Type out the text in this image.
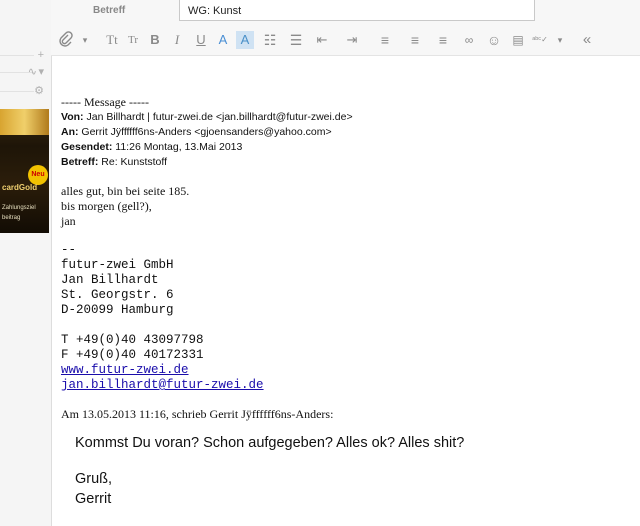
+
∿ ▾
⚙
Neu
cardGold
Zahlungsziel
beitrag
Betreff	WG: Kunst
▾	Tt Tr B	I	U A	A	☷ ☰ ⇤ ⇥	≡	≡	≡	∞ ☺ ▤	ᵃᵇᶜ✓	▾	«
----- Message -----
Von: Jan Billhardt | futur-zwei.de <jan.billhardt@futur-zwei.de>
An: Gerrit Jÿffffff6ns-Anders <gjoensanders@yahoo.com>
Gesendet: 11:26 Montag, 13.Mai 2013
Betreff: Re: Kunststoff
alles gut, bin bei seite 185.
bis morgen (gell?),
jan
--
futur-zwei GmbH
Jan Billhardt
St. Georgstr. 6
D-20099 Hamburg
T +49(0)40 43097798
F +49(0)40 40172331
www.futur-zwei.de
jan.billhardt@futur-zwei.de
Am 13.05.2013 11:16, schrieb Gerrit Jÿffffff6ns-Anders:
Kommst Du voran? Schon aufgegeben? Alles ok? Alles shit?
Gruß,
Gerrit
